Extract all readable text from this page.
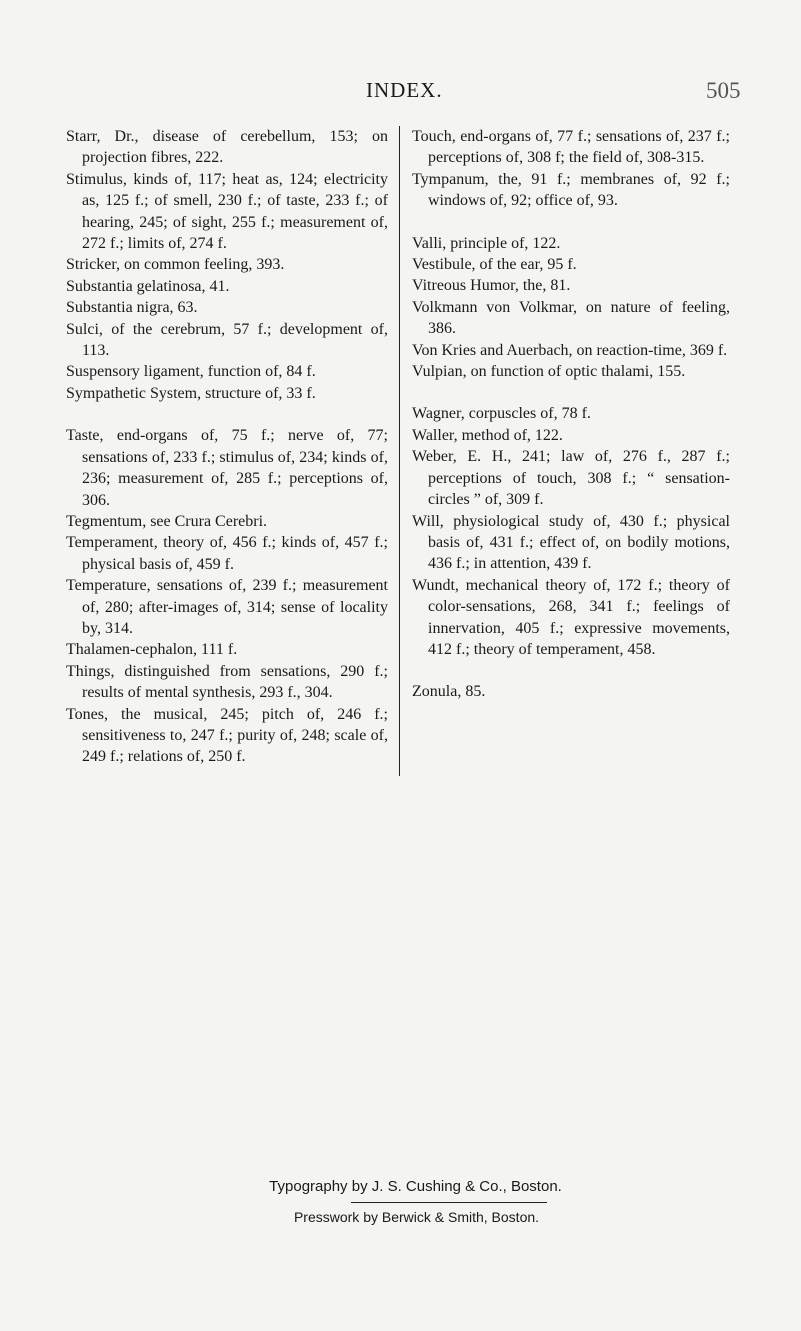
INDEX.	505
Starr, Dr., disease of cerebellum, 153; on projection fibres, 222.
Stimulus, kinds of, 117; heat as, 124; electricity as, 125 f.; of smell, 230 f.; of taste, 233 f.; of hearing, 245; of sight, 255 f.; measurement of, 272 f.; limits of, 274 f.
Stricker, on common feeling, 393.
Substantia gelatinosa, 41.
Substantia nigra, 63.
Sulci, of the cerebrum, 57 f.; development of, 113.
Suspensory ligament, function of, 84 f.
Sympathetic System, structure of, 33 f.
Taste, end-organs of, 75 f.; nerve of, 77; sensations of, 233 f.; stimulus of, 234; kinds of, 236; measurement of, 285 f.; perceptions of, 306.
Tegmentum, see Crura Cerebri.
Temperament, theory of, 456 f.; kinds of, 457 f.; physical basis of, 459 f.
Temperature, sensations of, 239 f.; measurement of, 280; after-images of, 314; sense of locality by, 314.
Thalamen-cephalon, 111 f.
Things, distinguished from sensations, 290 f.; results of mental synthesis, 293 f., 304.
Tones, the musical, 245; pitch of, 246 f.; sensitiveness to, 247 f.; purity of, 248; scale of, 249 f.; relations of, 250 f.
Touch, end-organs of, 77 f.; sensations of, 237 f.; perceptions of, 308 f; the field of, 308-315.
Tympanum, the, 91 f.; membranes of, 92 f.; windows of, 92; office of, 93.
Valli, principle of, 122.
Vestibule, of the ear, 95 f.
Vitreous Humor, the, 81.
Volkmann von Volkmar, on nature of feeling, 386.
Von Kries and Auerbach, on reaction-time, 369 f.
Vulpian, on function of optic thalami, 155.
Wagner, corpuscles of, 78 f.
Waller, method of, 122.
Weber, E. H., 241; law of, 276 f., 287 f.; perceptions of touch, 308 f.; “ sensation-circles ” of, 309 f.
Will, physiological study of, 430 f.; physical basis of, 431 f.; effect of, on bodily motions, 436 f.; in attention, 439 f.
Wundt, mechanical theory of, 172 f.; theory of color-sensations, 268, 341 f.; feelings of innervation, 405 f.; expressive movements, 412 f.; theory of temperament, 458.
Zonula, 85.
Typography by J. S. Cushing & Co., Boston.
Presswork by Berwick & Smith, Boston.
